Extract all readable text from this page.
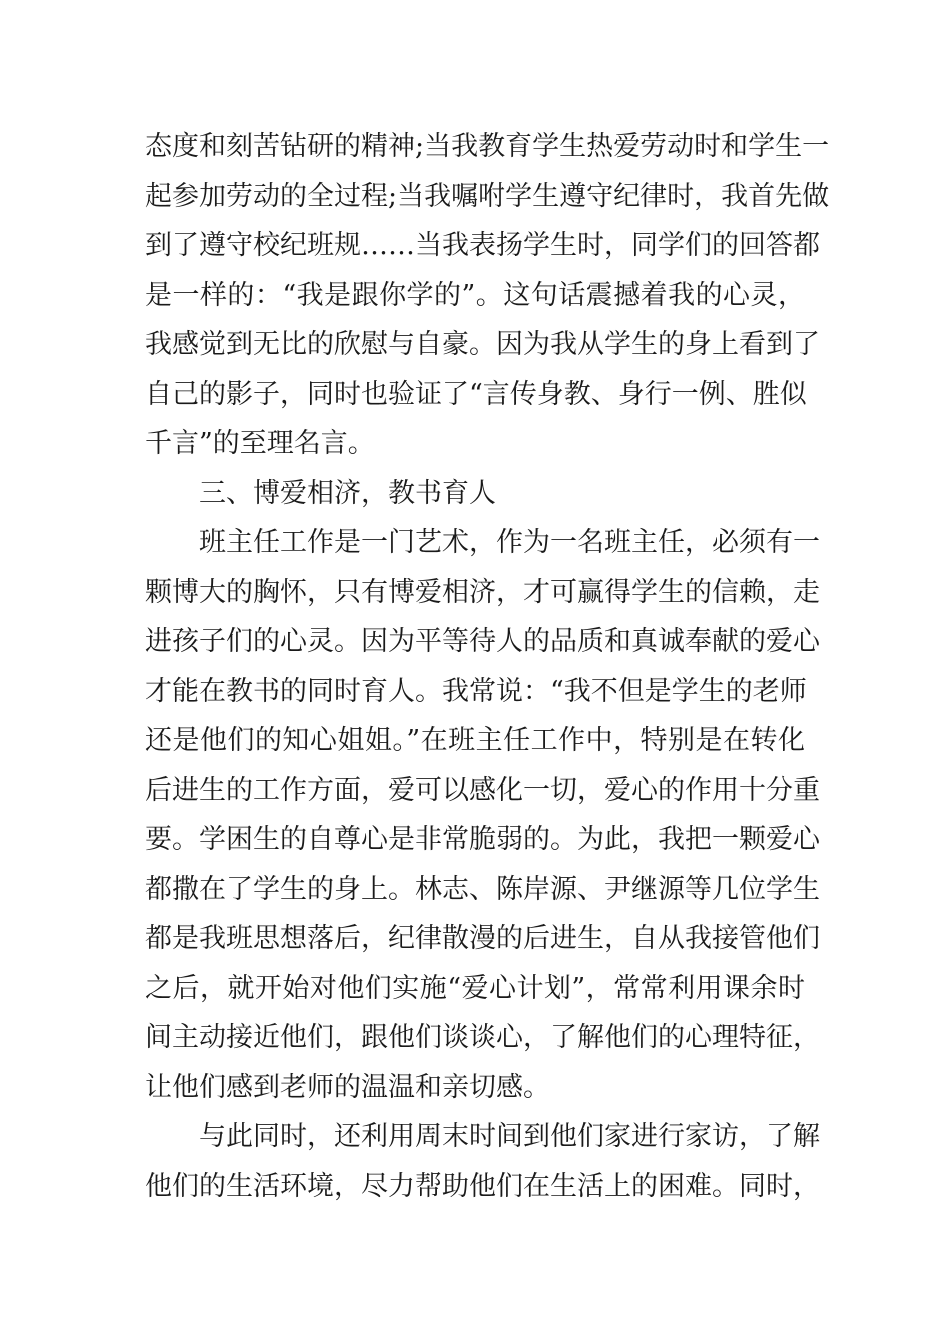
态度和刻苦钻研的精神;当我教育学生热爱劳动时和学生一
起参加劳动的全过程;当我嘱咐学生遵守纪律时，我首先做
到了遵守校纪班规……当我表扬学生时，同学们的回答都
是一样的：“我是跟你学的”。这句话震撼着我的心灵，
我感觉到无比的欣慰与自豪。因为我从学生的身上看到了
自己的影子，同时也验证了“言传身教、身行一例、胜似
千言”的至理名言。
三、博爱相济，教书育人
班主任工作是一门艺术，作为一名班主任，必须有一
颗博大的胸怀，只有博爱相济，才可赢得学生的信赖，走
进孩子们的心灵。因为平等待人的品质和真诚奉献的爱心
才能在教书的同时育人。我常说：“我不但是学生的老师
还是他们的知心姐姐。”在班主任工作中，特别是在转化
后进生的工作方面，爱可以感化一切，爱心的作用十分重
要。学困生的自尊心是非常脆弱的。为此，我把一颗爱心
都撒在了学生的身上。林志、陈岸源、尹继源等几位学生
都是我班思想落后，纪律散漫的后进生，自从我接管他们
之后，就开始对他们实施“爱心计划”，常常利用课余时
间主动接近他们，跟他们谈谈心，了解他们的心理特征，
让他们感到老师的温温和亲切感。
与此同时，还利用周末时间到他们家进行家访，了解
他们的生活环境，尽力帮助他们在生活上的困难。同时，
